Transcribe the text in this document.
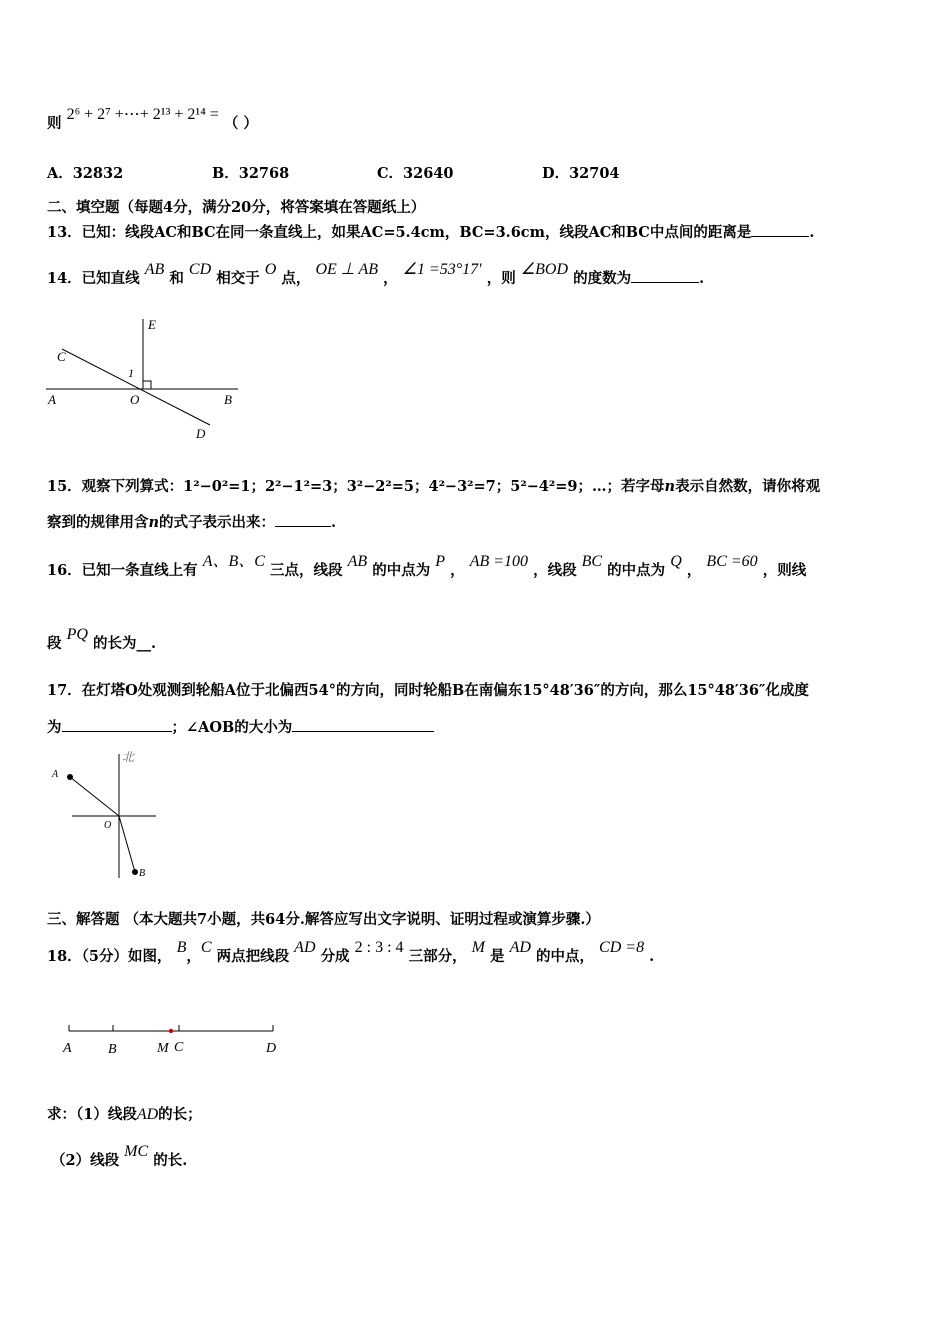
则 2⁶ + 2⁷ +⋯+ 2¹³ + 2¹⁴ = （ ）
A．32832	B．32768	C．32640	D．32704
二、填空题（每题4分，满分20分，将答案填在答题纸上）
13．已知：线段AC和BC在同一条直线上，如果AC=5.4cm，BC=3.6cm，线段AC和BC中点间的距离是	.
14．已知直线 AB 和 CD 相交于 O 点， OE ⊥ AB ， ∠1 =53°17′ ，则 ∠BOD 的度数为	.
A	O	B
C
D
E
1
15．观察下列算式：1²−0²=1；2²−1²=3；3²−2²=5；4²−3²=7；5²−4²=9；…；若字母n表示自然数，请你将观
察到的规律用含n的式子表示出来：	.
16．已知一条直线上有 A、B、C 三点，线段 AB 的中点为 P ， AB =100 ，线段 BC 的中点为 Q ， BC =60 ，则线
段 PQ 的长为__.
17．在灯塔O处观测到轮船A位于北偏西54°的方向，同时轮船B在南偏东15°48′36″的方向，那么15°48′36″化成度
为	；∠AOB的大小为
北
A
O
B
三、解答题 （本大题共7小题，共64分.解答应写出文字说明、证明过程或演算步骤.）
18．（5分）如图， B，C 两点把线段 AD 分成 2 : 3 : 4 三部分， M 是 AD 的中点， CD =8 .
A	B	M C	D
求：（1）线段AD的长；
（2）线段 MC 的长.
